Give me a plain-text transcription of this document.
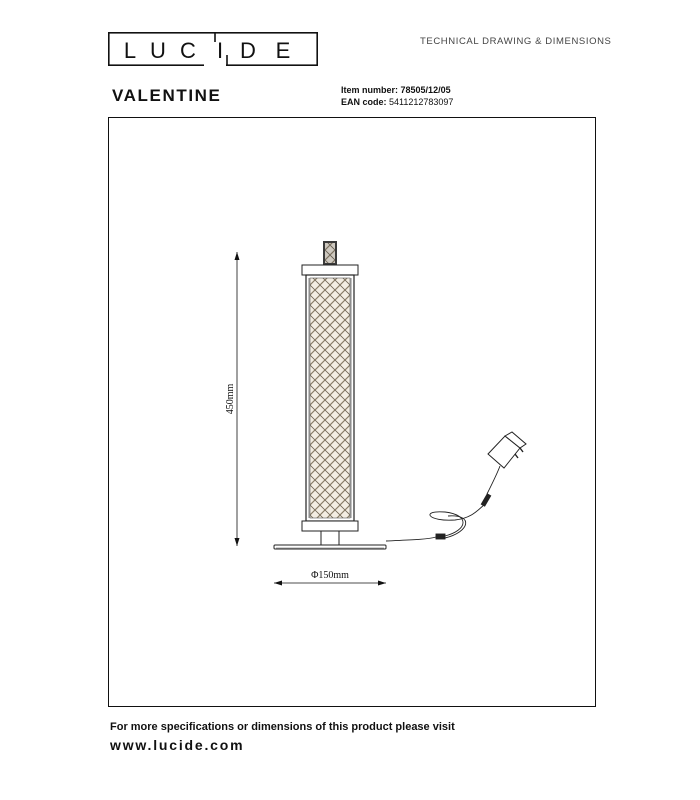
L U C I D E	TECHNICAL DRAWING & DIMENSIONS
VALENTINE	Item number: 78505/12/05
EAN code: 5411212783097
450mm
Φ150mm
For more specifications or dimensions of this product please visit
www.lucide.com
